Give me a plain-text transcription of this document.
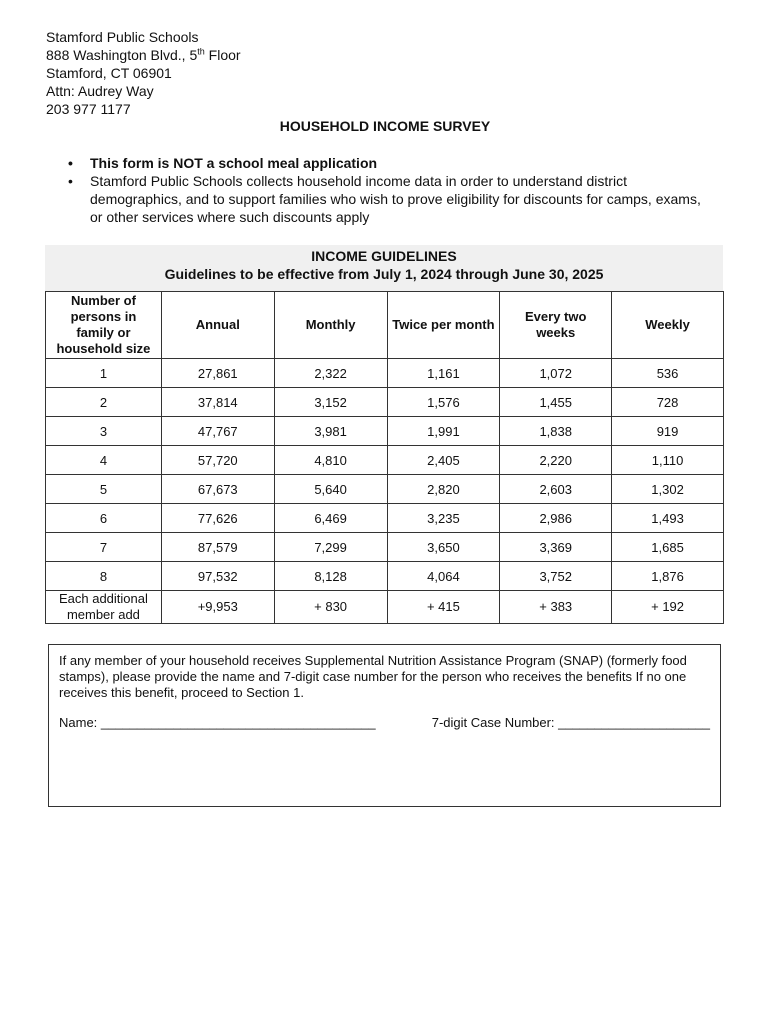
Stamford Public Schools
888 Washington Blvd., 5th Floor
Stamford, CT 06901
Attn: Audrey Way
203 977 1177
HOUSEHOLD INCOME SURVEY
• This form is NOT a school meal application
• Stamford Public Schools collects household income data in order to understand district demographics, and to support families who wish to prove eligibility for discounts for camps, exams, or other services where such discounts apply
INCOME GUIDELINES
Guidelines to be effective from July 1, 2024 through June 30, 2025
Number of persons in family or household size	Annual	Monthly	Twice per month	Every two weeks	Weekly
1	27,861	2,322	1,161	1,072	536
2	37,814	3,152	1,576	1,455	728
3	47,767	3,981	1,991	1,838	919
4	57,720	4,810	2,405	2,220	1,110
5	67,673	5,640	2,820	2,603	1,302
6	77,626	6,469	3,235	2,986	1,493
7	87,579	7,299	3,650	3,369	1,685
8	97,532	8,128	4,064	3,752	1,876
Each additional member add	+9,953	+ 830	+ 415	+ 383	+ 192
If any member of your household receives Supplemental Nutrition Assistance Program (SNAP) (formerly food stamps), please provide the name and 7-digit case number for the person who receives the benefits If no one receives this benefit, proceed to Section 1.
Name: ______________________________________	7-digit Case Number: _____________________
